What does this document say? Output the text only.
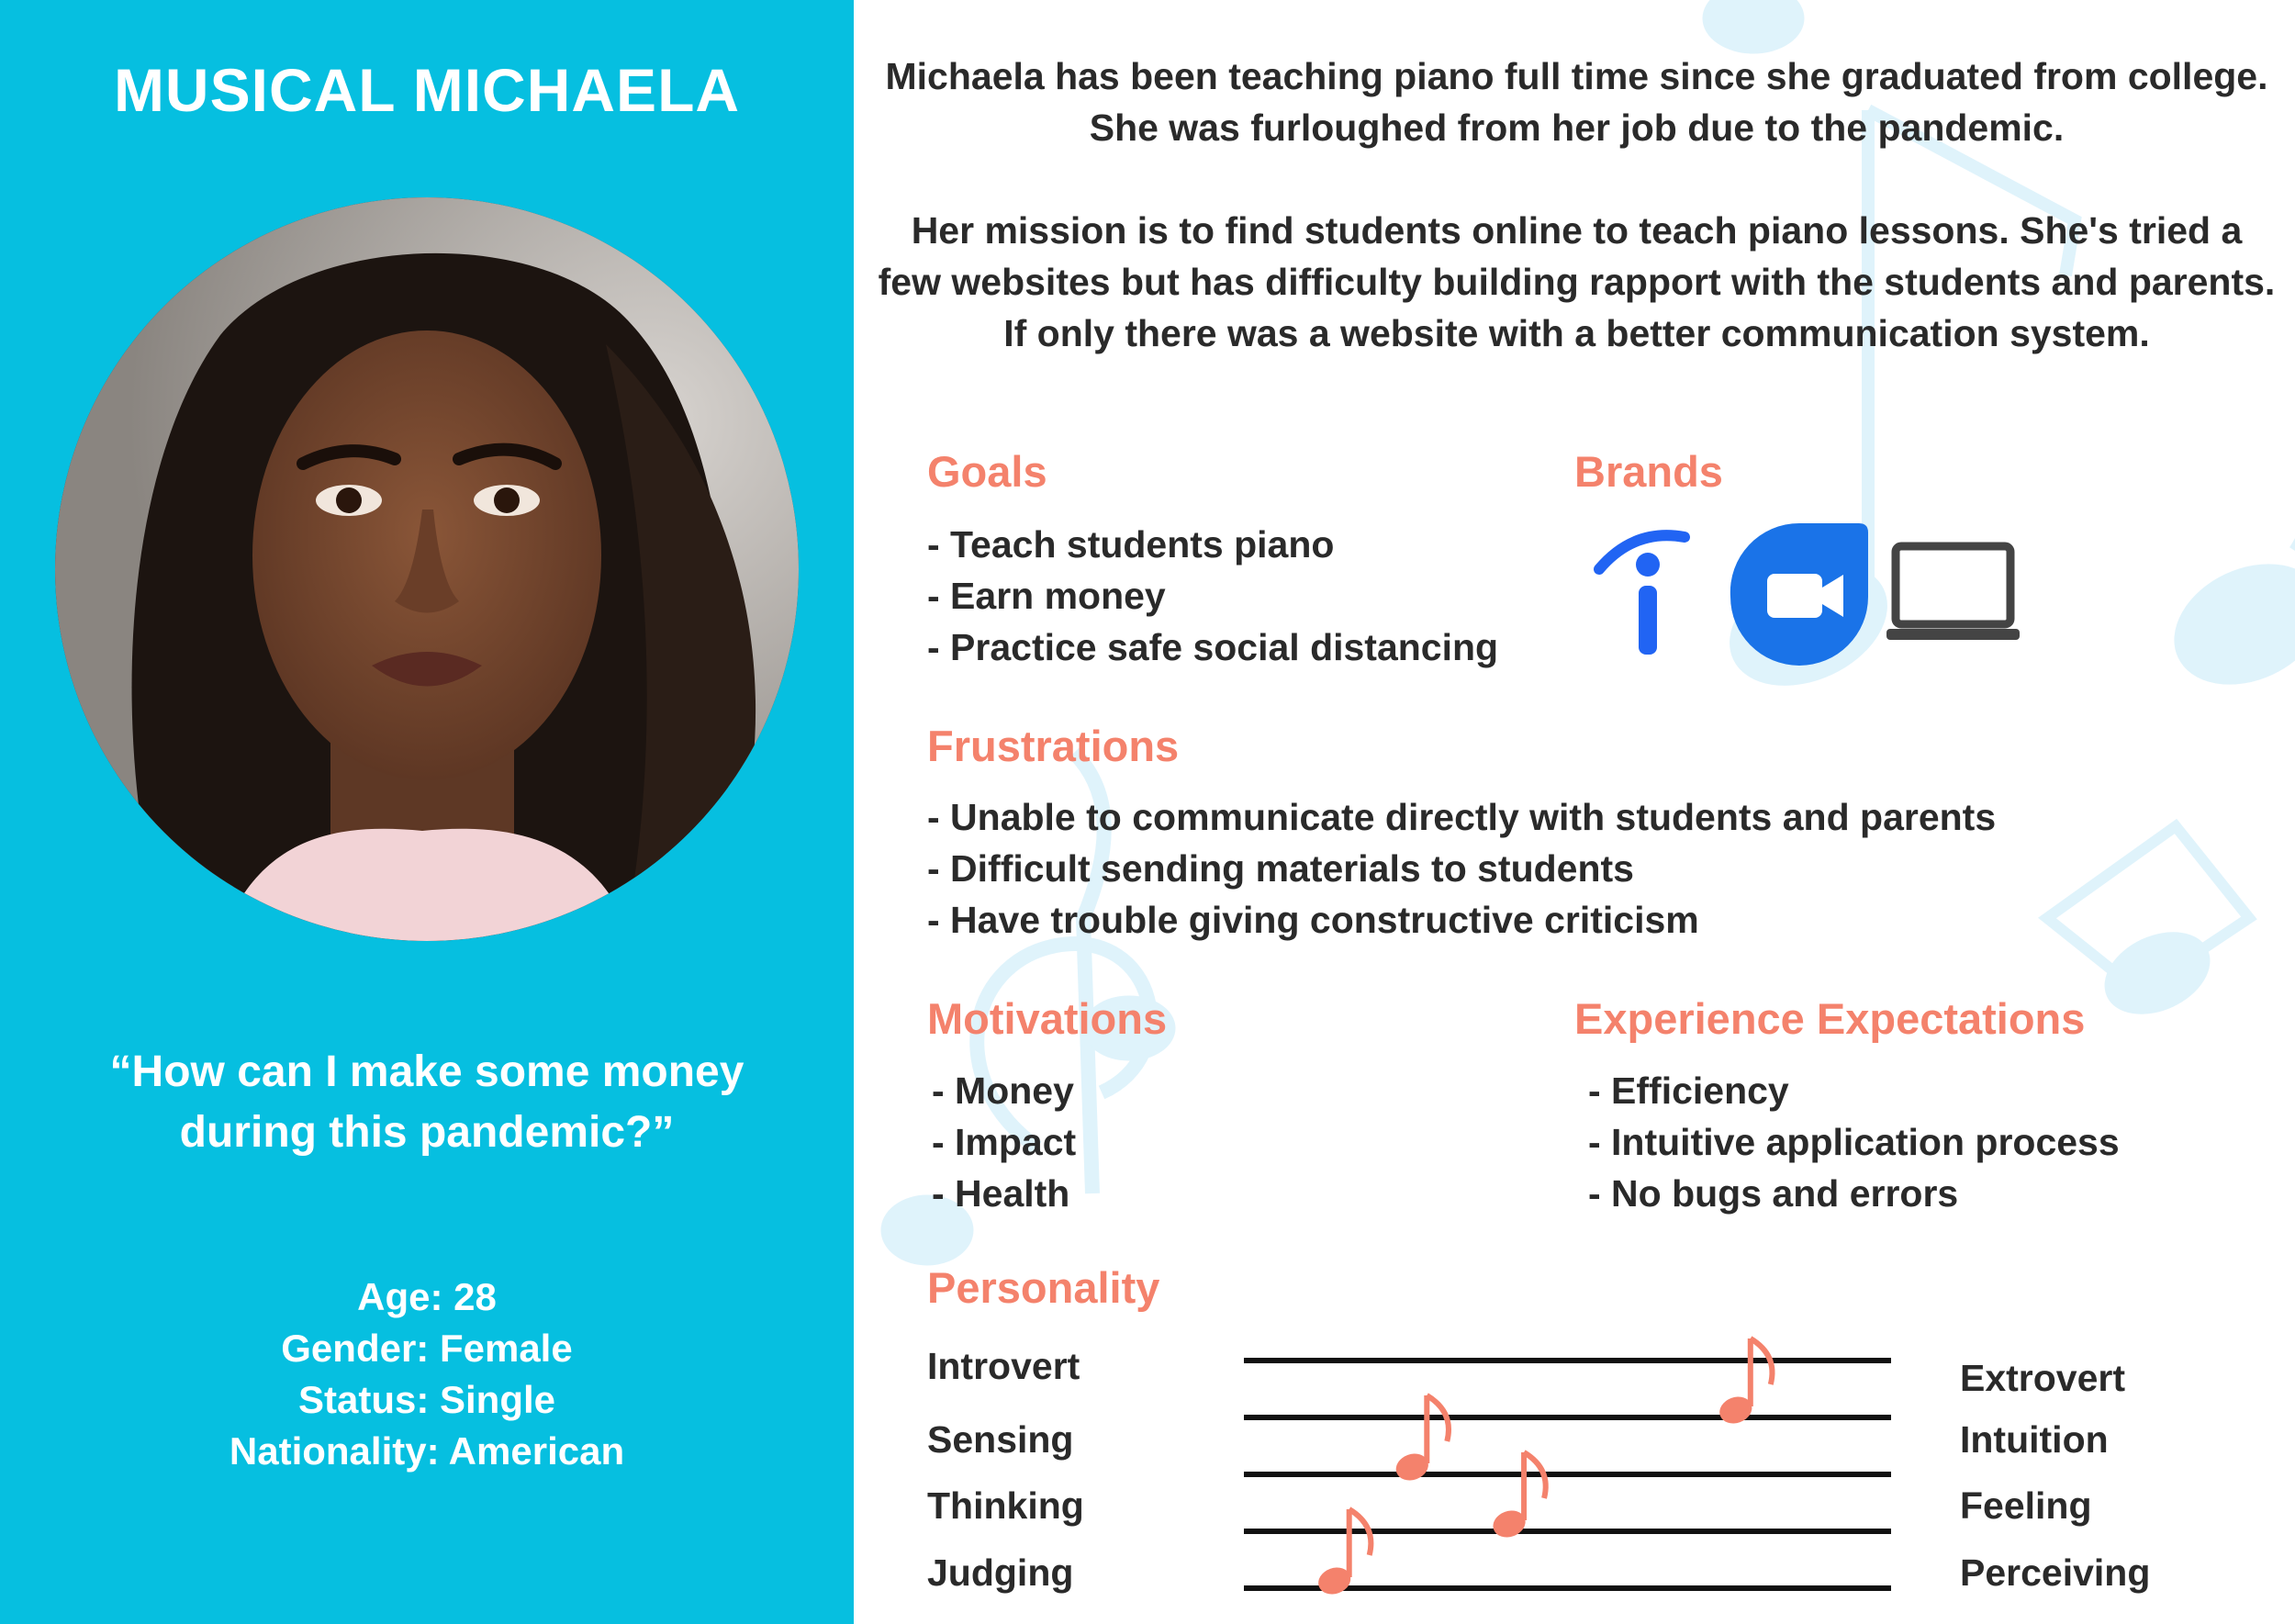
MUSICAL MICHAELA
“How can I make some money during this pandemic?”
Age: 28
Gender: Female
Status: Single
Nationality: American

Michaela has been teaching piano full time since she graduated from college. She was furloughed from her job due to the pandemic.

Her mission is to find students online to teach piano lessons. She's tried a few websites but has difficulty building rapport with the students and parents. If only there was a website with a better communication system.

Goals
- Teach students piano
- Earn money
- Practice safe social distancing
Brands
Frustrations
- Unable to communicate directly with students and parents
- Difficult sending materials to students
- Have trouble giving constructive criticism
Motivations
- Money
- Impact
- Health
Experience Expectations
- Efficiency
- Intuitive application process
- No bugs and errors
Personality
Introvert
Sensing
Thinking
Judging
Extrovert
Intuition
Feeling
Perceiving
